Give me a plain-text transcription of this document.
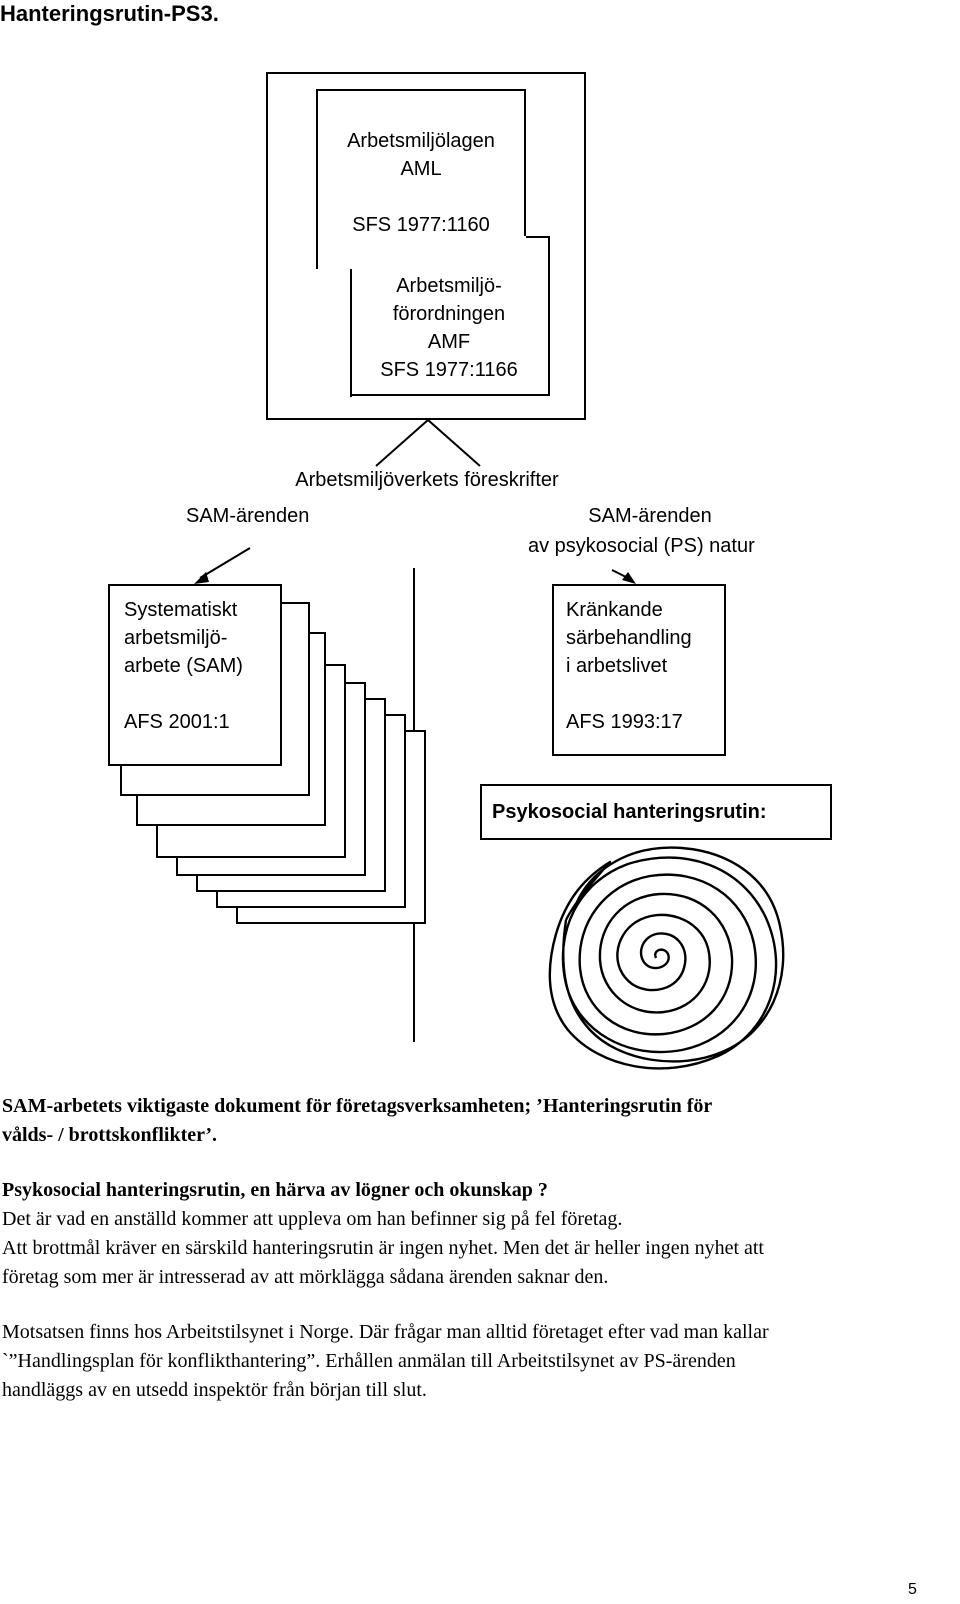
Hanteringsrutin-PS3.
Arbetsmiljölagen
AML
SFS 1977:1160
Arbetsmiljö-
förordningen
AMF
SFS 1977:1166
Arbetsmiljöverkets föreskrifter
SAM-ärenden	SAM-ärenden
av psykosocial (PS) natur
Systematiskt
arbetsmiljö-
arbete (SAM)
AFS 2001:1
Kränkande
särbehandling
i arbetslivet
AFS 1993:17
Psykosocial hanteringsrutin:
SAM-arbetets viktigaste dokument för företagsverksamheten; ’Hanteringsrutin för
vålds- / brottskonflikter’.
Psykosocial hanteringsrutin, en härva av lögner och okunskap ?
Det är vad en anställd kommer att uppleva om han befinner sig på fel företag.
Att brottmål kräver en särskild hanteringsrutin är ingen nyhet. Men det är heller ingen nyhet att
företag som mer är intresserad av att mörklägga sådana ärenden saknar den.
Motsatsen finns hos Arbeitstilsynet i Norge. Där frågar man alltid företaget efter vad man kallar
`”Handlingsplan för konflikthantering”. Erhållen anmälan till Arbeitstilsynet av PS-ärenden
handläggs av en utsedd inspektör från början till slut.
5
